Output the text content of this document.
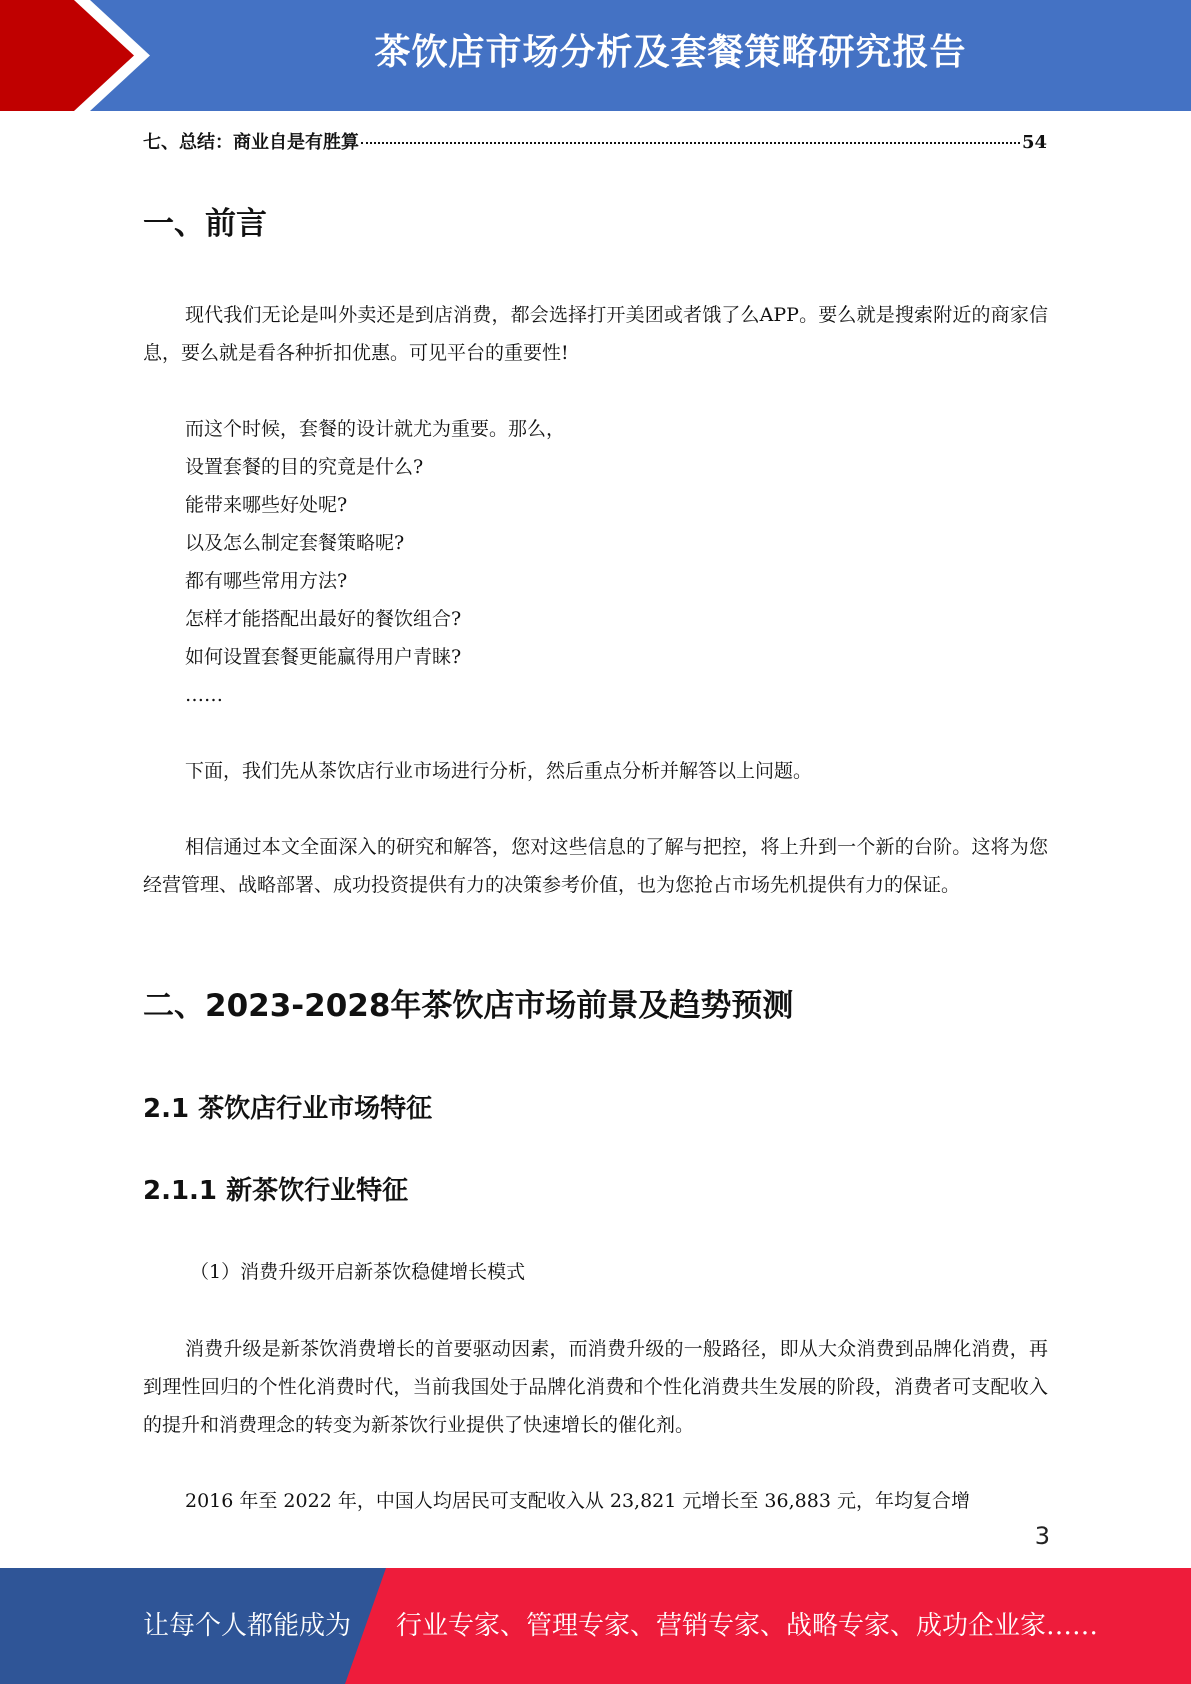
茶饮店市场分析及套餐策略研究报告
七、总结：商业自是有胜算	54
一、前言

现代我们无论是叫外卖还是到店消费，都会选择打开美团或者饿了么APP。要么就是搜索附近的商家信息，要么就是看各种折扣优惠。可见平台的重要性!

而这个时候，套餐的设计就尤为重要。那么，
设置套餐的目的究竟是什么?
能带来哪些好处呢?
以及怎么制定套餐策略呢?
都有哪些常用方法?
怎样才能搭配出最好的餐饮组合?
如何设置套餐更能赢得用户青睐?
……

下面，我们先从茶饮店行业市场进行分析，然后重点分析并解答以上问题。

相信通过本文全面深入的研究和解答，您对这些信息的了解与把控，将上升到一个新的台阶。这将为您经营管理、战略部署、成功投资提供有力的决策参考价值，也为您抢占市场先机提供有力的保证。

二、2023-2028年茶饮店市场前景及趋势预测
2.1 茶饮店行业市场特征
2.1.1 新茶饮行业特征
（1）消费升级开启新茶饮稳健增长模式

消费升级是新茶饮消费增长的首要驱动因素，而消费升级的一般路径，即从大众消费到品牌化消费，再到理性回归的个性化消费时代，当前我国处于品牌化消费和个性化消费共生发展的阶段，消费者可支配收入的提升和消费理念的转变为新茶饮行业提供了快速增长的催化剂。

2016 年至 2022 年，中国人均居民可支配收入从 23,821 元增长至 36,883 元，年均复合增

3
让每个人都能成为 行业专家、管理专家、营销专家、战略专家、成功企业家……
